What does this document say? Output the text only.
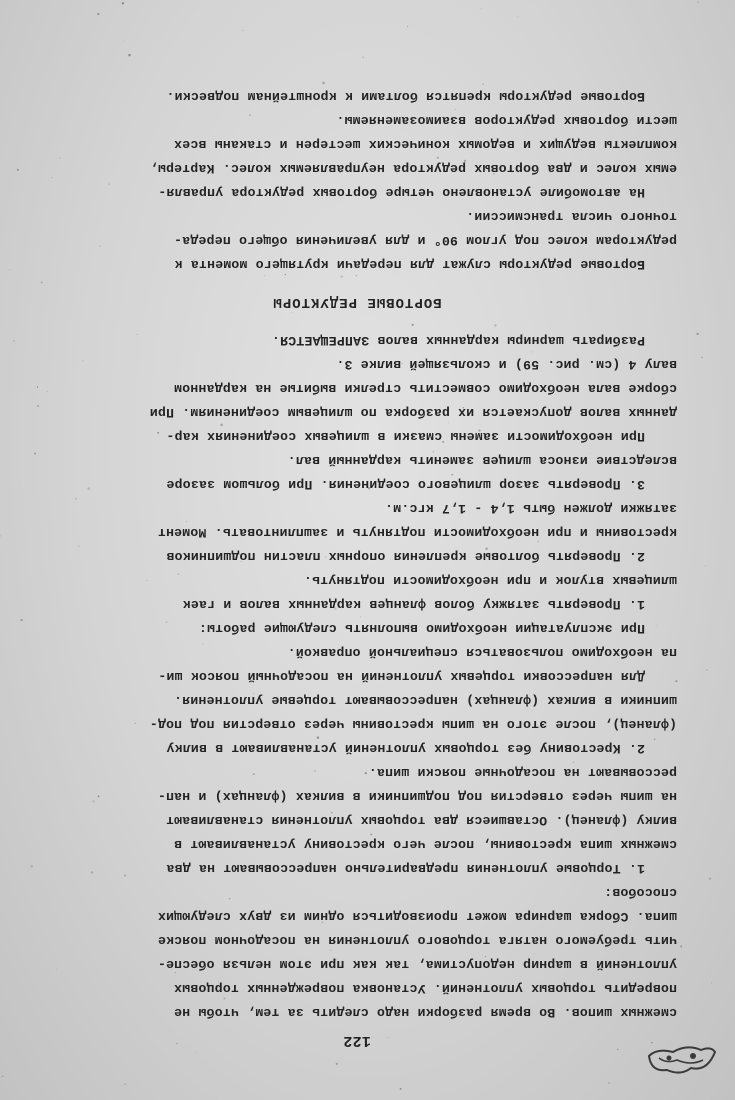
122
смежных шипов. Во время разборки надо следить за тем, чтобы не
повредить торцовых уплотнений. Установка поврежденных торцовых
уплотнений в шарнир недопустима, так как при этом нельзя обеспе-
чить требуемого натяга торцового уплотнения на посадочном пояске
шипа. Сборка шарнира может производиться одним из двух следующих
способов:
1. Торцовые уплотнения предварительно напрессовывают на два
смежных шипа крестовины, после чего крестовину устанавливают в
вилку (фланец). Оставшиеся два торцовых уплотнения станавливают
на шипы через отверстия под подшипники в вилках (фланцах) и нап-
рессовывают на посадочные пояски шипа.
2. Крестовину без торцовых уплотнений устанавливают в вилку
(фланец), после этого на шипы крестовины через отверстия под под-
шипники в вилках (фланцах) напрессовывают торцевые уплотнения.
Для напрессовки торцевых уплотнений на посадочный поясок ши-
па необходимо пользоваться специальной оправкой.
При эксплуатации необходимо выполнять следующие работы:
1. Проверять затяжку болов фланцев карданных валов и гаек
шлицевых втулок и при необходимости подтянуть.
2. Проверять болтовые крепления опорных пластин подшипников
крестовины и при необходимости подтянуть и зашплинтовать. Момент
затяжки должен быть 1,4 - 1,7 кгс.м.
3. Проверять зазор шлицевого соединения. При большом зазоре
вследствие износа шлицев заменить карданный вал.
При необходимости замены смазки в шлицевых соединениях кар-
данных валов допускается их разборка по шлицевым соединениям. При
сборке вала необходимо совместить стрелки выбитые на карданном
валу 4 (см. рис. 59) и скользящей вилке 3.
Разбирать шарниры карданных валов ЗАПРЕЩАЕТСЯ.
БОРТОВЫЕ РЕДУКТОРЫ
Бортовые редукторы служат для передачи крутящего момента к
редукторам колес под углом 90° и для увеличения общего переда-
точного числа трансмиссии.
На автомобиле установлено четыре бортовых редуктора управля-
емых колес и два бортовых редуктора неуправляемых колес. Картеры,
комплекты ведущих и ведомых конических шестерен и стаканы всех
шести бортовых редукторов взаимозаменяемы.
Бортовые редукторы крепятся болтами к кронштейнам подвески.
